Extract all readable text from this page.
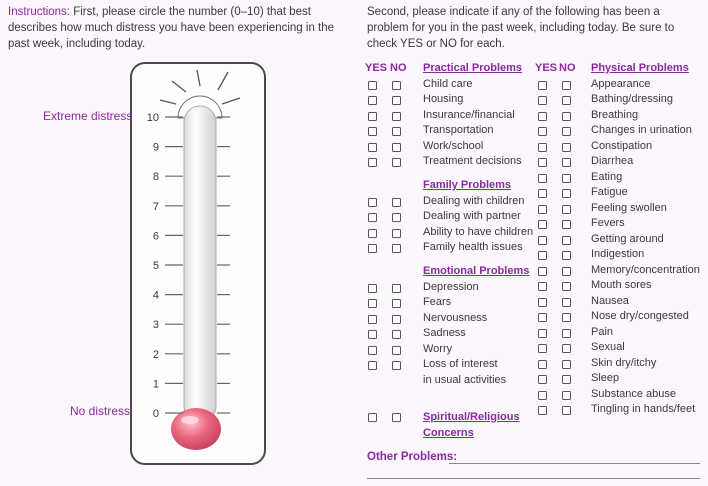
Instructions: First, please circle the number (0–10) that best describes how much distress you have been experiencing in the past week, including today.
10
9
8
7
6
5
4
3
2
1
0
Extreme distress
No distress
Second, please indicate if any of the following has been a problem for you in the past week, including today. Be sure to check YES or NO for each.
YES NO	YES NO
Practical Problems
Child care
Housing
Insurance/financial
Transportation
Work/school
Treatment decisions
Family Problems
Dealing with children
Dealing with partner
Ability to have children
Family health issues
Emotional Problems
Depression
Fears
Nervousness
Sadness
Worry
Loss of interest
in usual activities
Physical Problems
Appearance
Bathing/dressing
Breathing
Changes in urination
Constipation
Diarrhea
Eating
Fatigue
Feeling swollen
Fevers
Getting around
Indigestion
Memory/concentration
Mouth sores
Nausea
Nose dry/congested
Pain
Sexual
Skin dry/itchy
Sleep
Substance abuse
Tingling in hands/feet
Spiritual/Religious
Concerns
Other Problems:
